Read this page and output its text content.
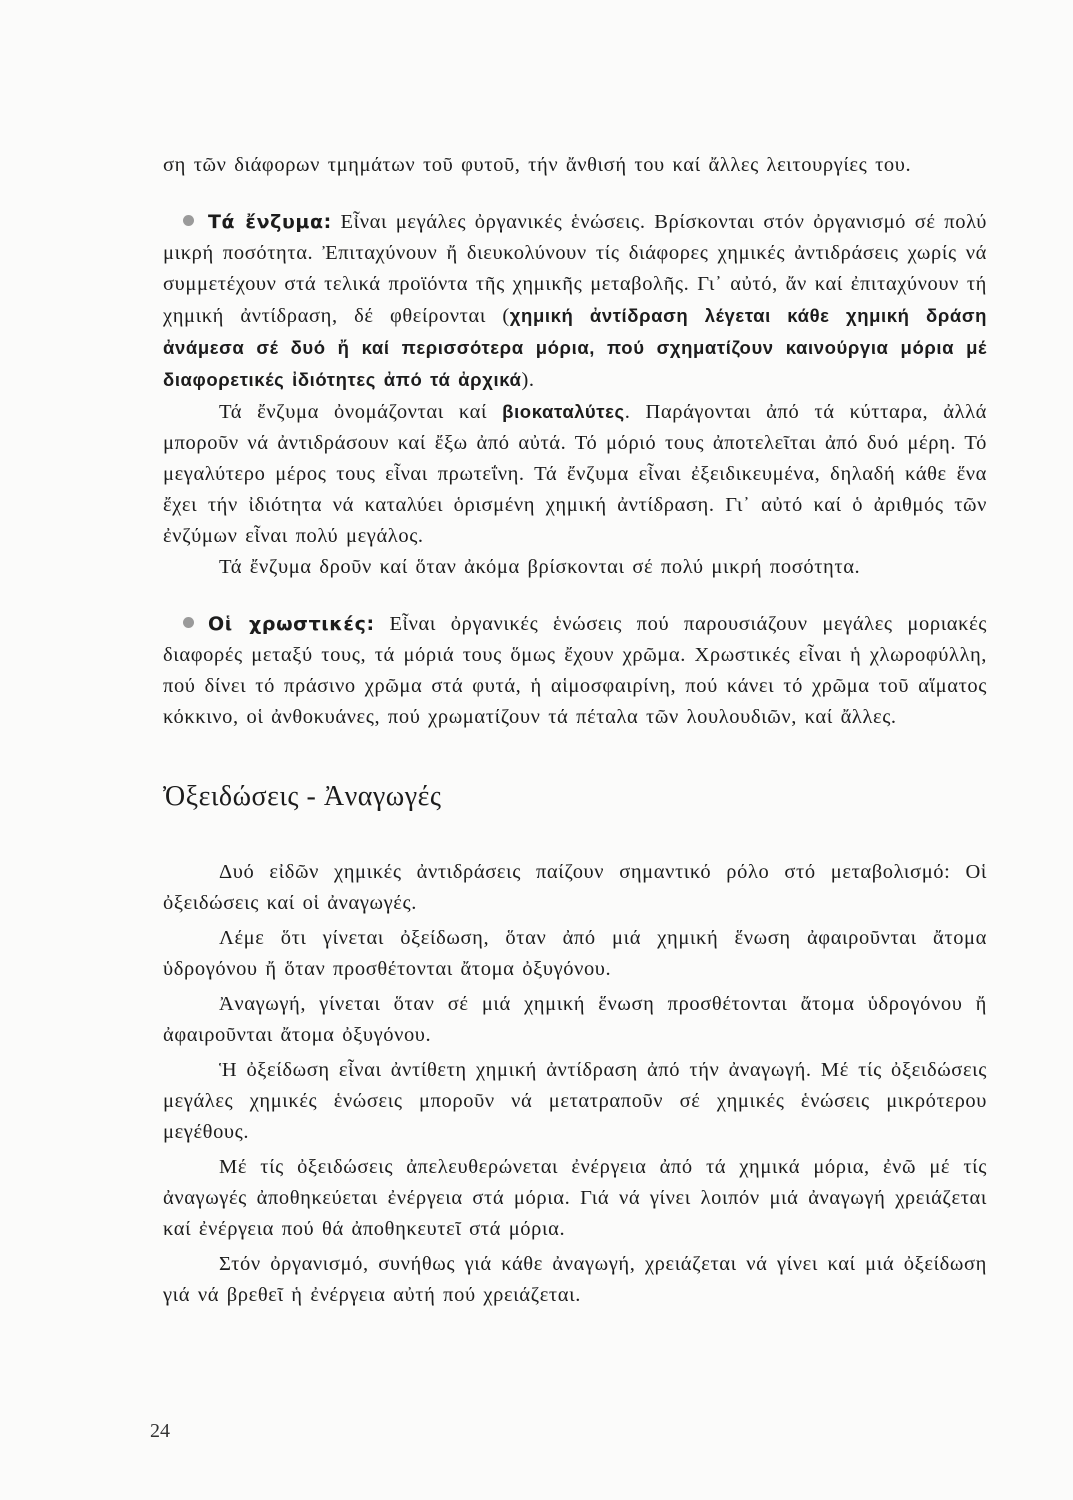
ση τῶν διάφορων τμημάτων τοῦ φυτοῦ, τήν ἄνθισή του καί ἄλλες λειτουργίες του.

Τά ἔνζυμα: Εἶναι μεγάλες ὀργανικές ἑνώσεις. Βρίσκονται στόν ὀργανισμό σέ πολύ μικρή ποσότητα. Ἐπιταχύνουν ἤ διευκολύνουν τίς διάφορες χημικές ἀντιδράσεις χωρίς νά συμμετέχουν στά τελικά προϊόντα τῆς χημικῆς μεταβολῆς. Γι᾽ αὐτό, ἄν καί ἐπιταχύνουν τή χημική ἀντίδραση, δέ φθείρονται (χημική ἀντίδραση λέγεται κάθε χημική δράση ἀνάμεσα σέ δυό ἤ καί περισσότερα μόρια, πού σχηματίζουν καινούργια μόρια μέ διαφορετικές ἰδιότητες ἀπό τά ἀρχικά).

Τά ἔνζυμα ὀνομάζονται καί βιοκαταλύτες. Παράγονται ἀπό τά κύτταρα, ἀλλά μποροῦν νά ἀντιδράσουν καί ἔξω ἀπό αὐτά. Τό μόριό τους ἀποτελεῖται ἀπό δυό μέρη. Τό μεγαλύτερο μέρος τους εἶναι πρωτεΐνη. Τά ἔνζυμα εἶναι ἐξειδικευμένα, δηλαδή κάθε ἕνα ἔχει τήν ἰδιότητα νά καταλύει ὁρισμένη χημική ἀντίδραση. Γι᾽ αὐτό καί ὁ ἀριθμός τῶν ἐνζύμων εἶναι πολύ μεγάλος.

Τά ἔνζυμα δροῦν καί ὅταν ἀκόμα βρίσκονται σέ πολύ μικρή ποσότητα.

Οἱ χρωστικές: Εἶναι ὀργανικές ἑνώσεις πού παρουσιάζουν μεγάλες μοριακές διαφορές μεταξύ τους, τά μόριά τους ὅμως ἔχουν χρῶμα. Χρωστικές εἶναι ἡ χλωροφύλλη, πού δίνει τό πράσινο χρῶμα στά φυτά, ἡ αἱμοσφαιρίνη, πού κάνει τό χρῶμα τοῦ αἵματος κόκκινο, οἱ ἀνθοκυάνες, πού χρωματίζουν τά πέταλα τῶν λουλουδιῶν, καί ἄλλες.

Ὀξειδώσεις - Ἀναγωγές

Δυό εἰδῶν χημικές ἀντιδράσεις παίζουν σημαντικό ρόλο στό μεταβολισμό: Οἱ ὀξειδώσεις καί οἱ ἀναγωγές.

Λέμε ὅτι γίνεται ὀξείδωση, ὅταν ἀπό μιά χημική ἕνωση ἀφαιροῦνται ἄτομα ὑδρογόνου ἤ ὅταν προσθέτονται ἄτομα ὀξυγόνου.

Ἀναγωγή, γίνεται ὅταν σέ μιά χημική ἕνωση προσθέτονται ἄτομα ὑδρογόνου ἤ ἀφαιροῦνται ἄτομα ὀξυγόνου.

Ἡ ὀξείδωση εἶναι ἀντίθετη χημική ἀντίδραση ἀπό τήν ἀναγωγή. Μέ τίς ὀξειδώσεις μεγάλες χημικές ἑνώσεις μποροῦν νά μετατραποῦν σέ χημικές ἑνώσεις μικρότερου μεγέθους.

Μέ τίς ὀξειδώσεις ἀπελευθερώνεται ἐνέργεια ἀπό τά χημικά μόρια, ἐνῶ μέ τίς ἀναγωγές ἀποθηκεύεται ἐνέργεια στά μόρια. Γιά νά γίνει λοιπόν μιά ἀναγωγή χρειάζεται καί ἐνέργεια πού θά ἀποθηκευτεῖ στά μόρια.

Στόν ὀργανισμό, συνήθως γιά κάθε ἀναγωγή, χρειάζεται νά γίνει καί μιά ὀξείδωση γιά νά βρεθεῖ ἡ ἐνέργεια αὐτή πού χρειάζεται.

24
